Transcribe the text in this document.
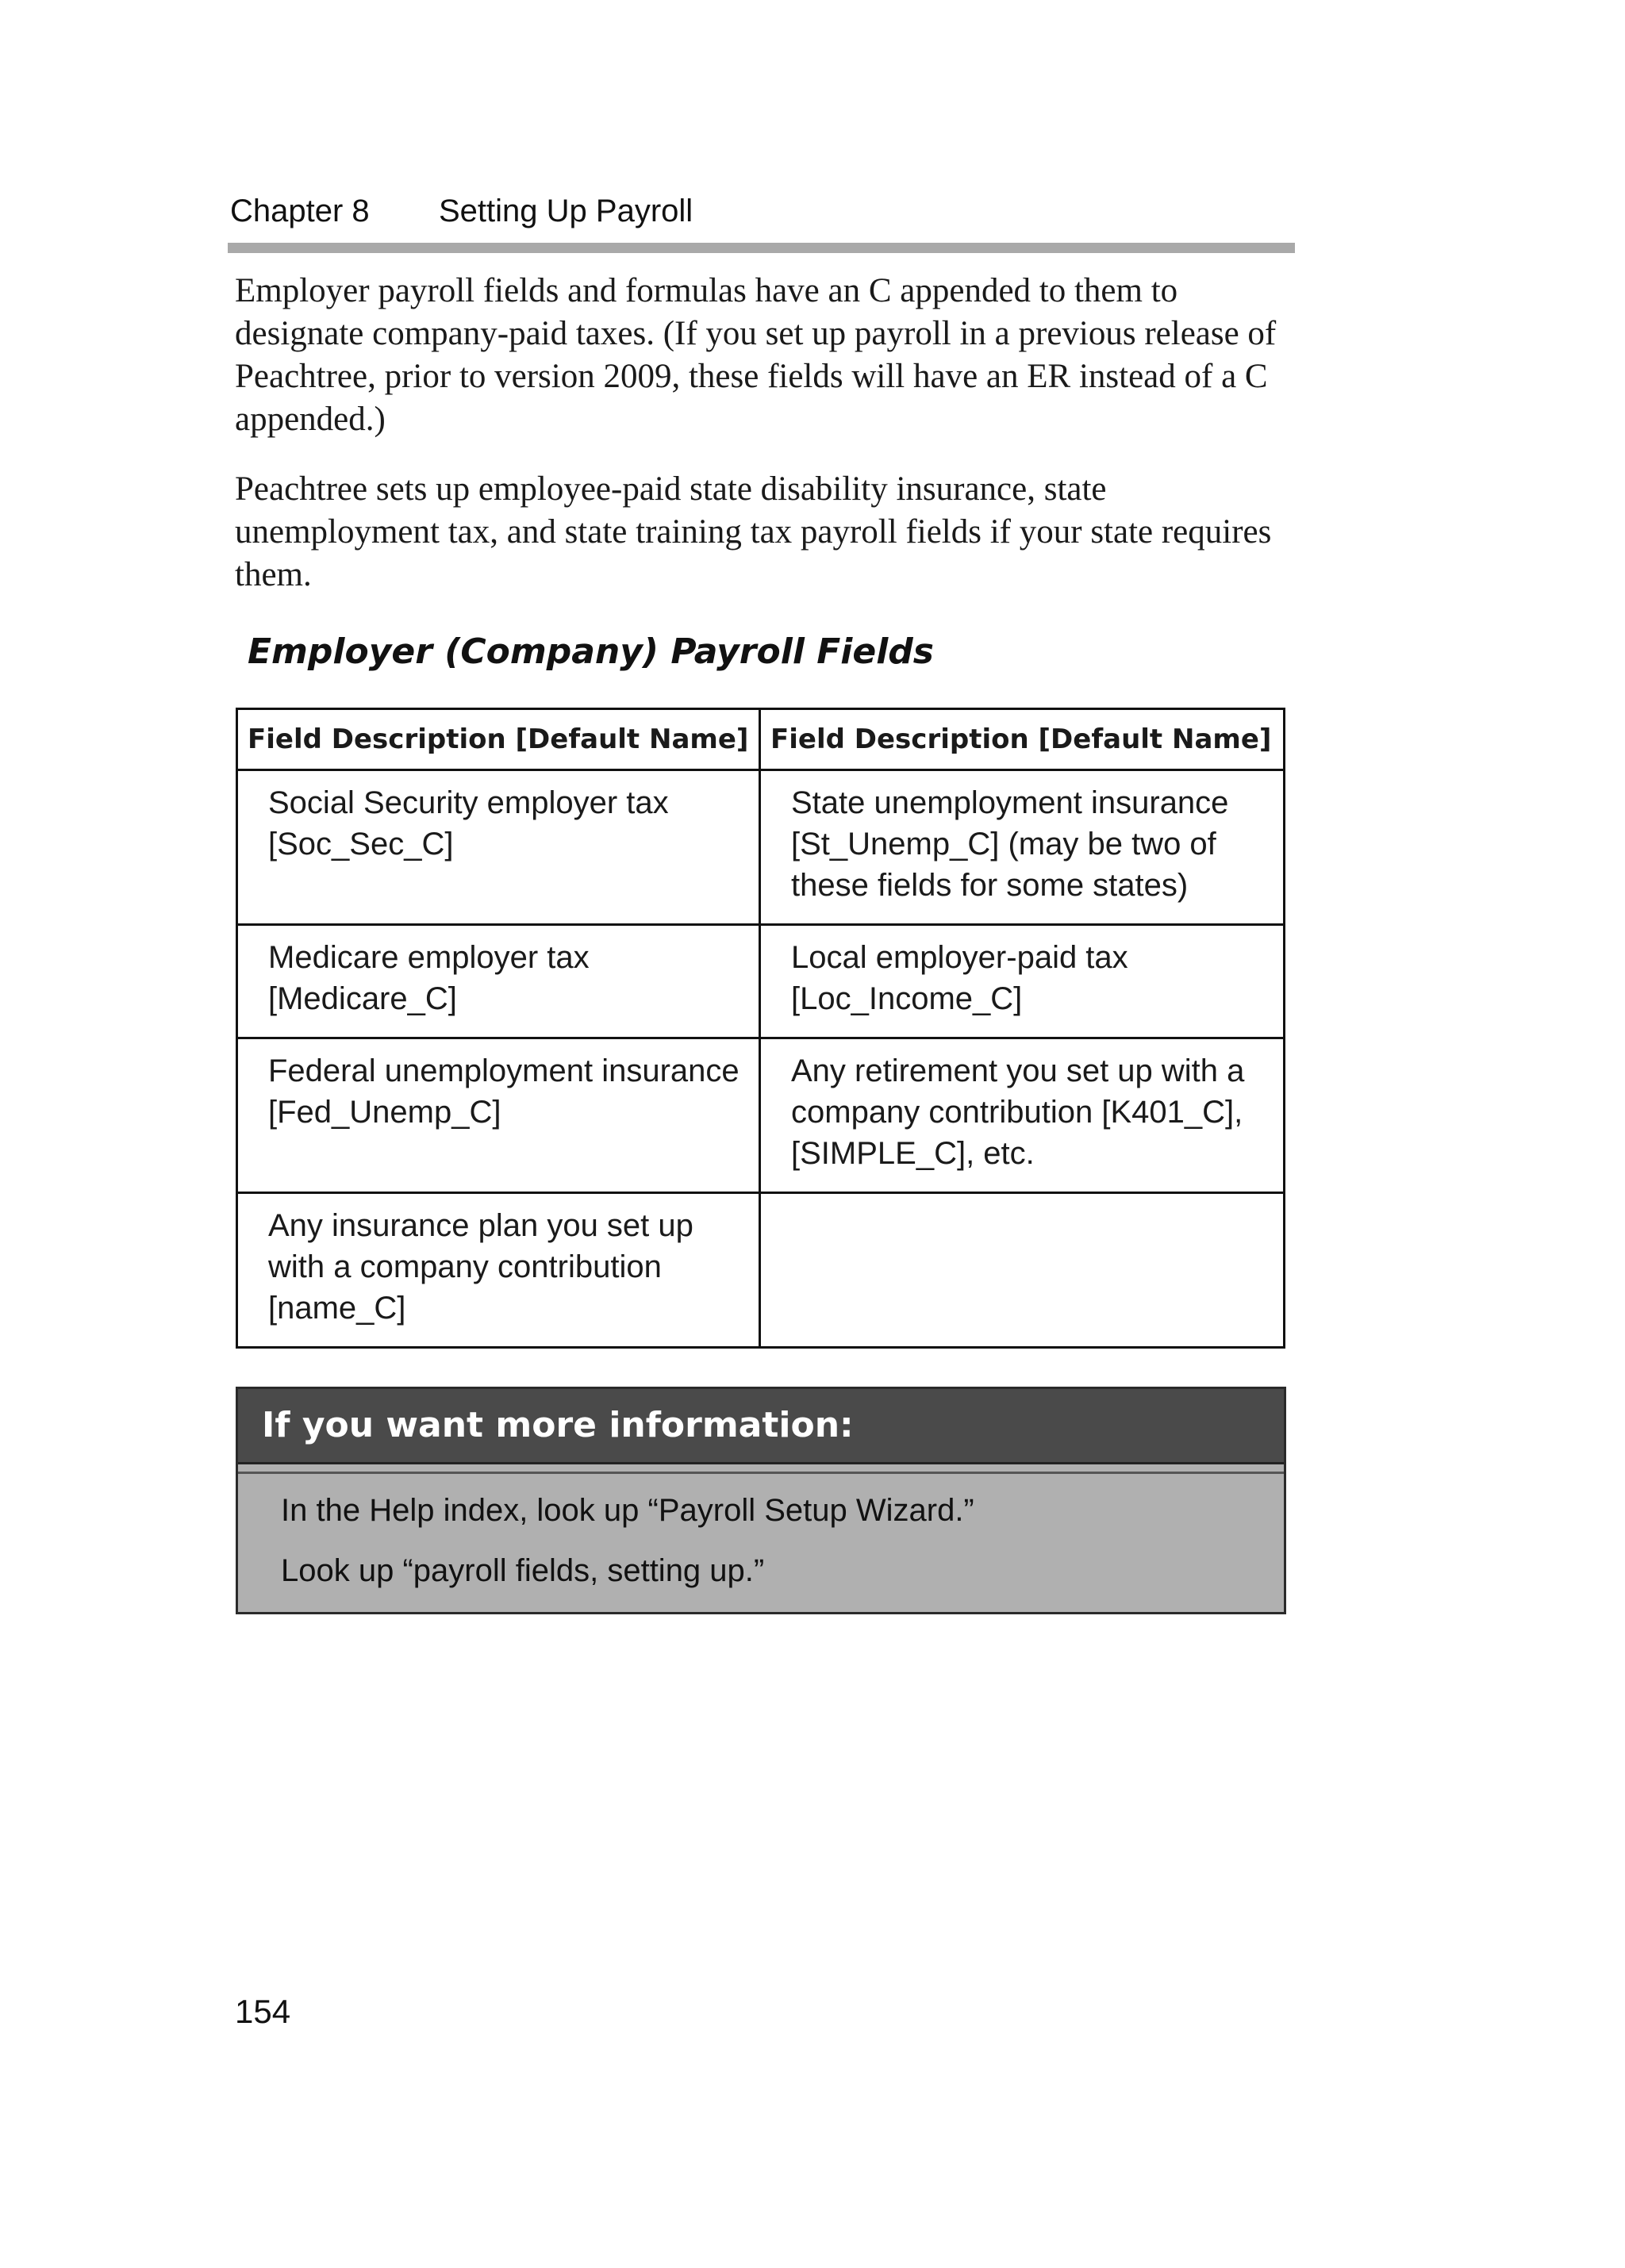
Chapter 8	Setting Up Payroll

Employer payroll fields and formulas have an C appended to them to designate company-paid taxes. (If you set up payroll in a previous release of Peachtree, prior to version 2009, these fields will have an ER instead of a C appended.)

Peachtree sets up employee-paid state disability insurance, state unemployment tax, and state training tax payroll fields if your state requires them.

Employer (Company) Payroll Fields
Field Description [Default Name]	Field Description [Default Name]

Social Security employer tax [Soc_Sec_C]	State unemployment insurance [St_Unemp_C] (may be two of these fields for some states)

Medicare employer tax [Medicare_C]	Local employer-paid tax [Loc_Income_C]

Federal unemployment insurance [Fed_Unemp_C]	Any retirement you set up with a company contribution [K401_C], [SIMPLE_C], etc.

Any insurance plan you set up with a company contribution [name_C]	

If you want more information:
In the Help index, look up “Payroll Setup Wizard.”
Look up “payroll fields, setting up.”
154
